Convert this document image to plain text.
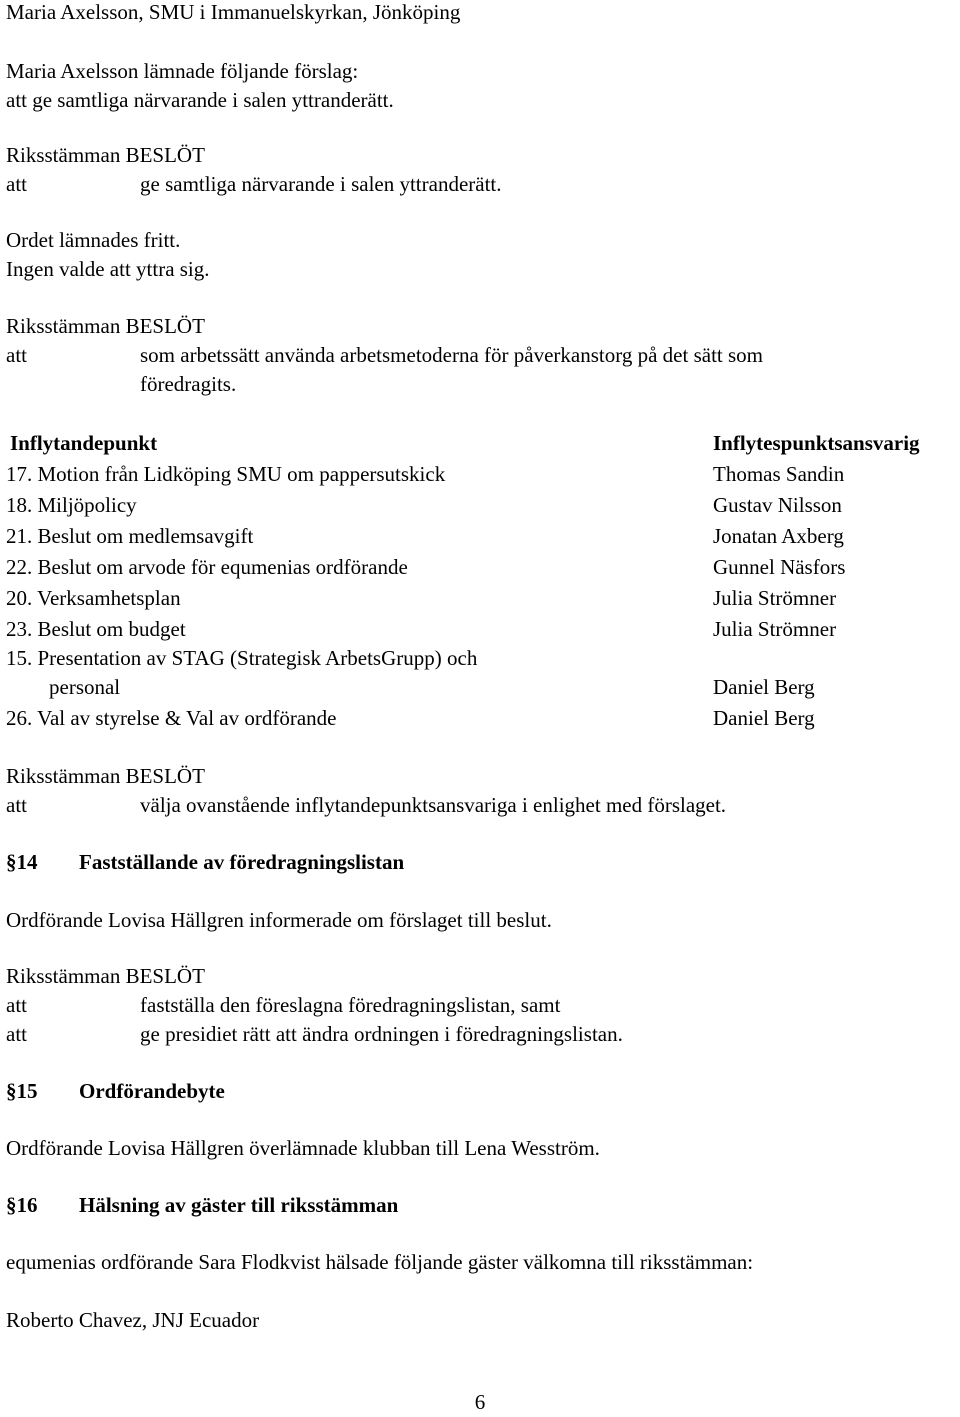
Maria Axelsson, SMU i Immanuelskyrkan, Jönköping
Maria Axelsson lämnade följande förslag:
att ge samtliga närvarande i salen yttranderätt.
Riksstämman BESLÖT
att	ge samtliga närvarande i salen yttranderätt.
Ordet lämnades fritt.
Ingen valde att yttra sig.
Riksstämman BESLÖT
att	som arbetssätt använda arbetsmetoderna för påverkanstorg på det sätt som
föredragits.
Inflytandepunkt	Inflytespunktsansvarig
17. Motion från Lidköping SMU om pappersutskick	Thomas Sandin
18. Miljöpolicy	Gustav Nilsson
21. Beslut om medlemsavgift	Jonatan Axberg
22. Beslut om arvode för equmenias ordförande	Gunnel Näsfors
20. Verksamhetsplan	Julia Strömner
23. Beslut om budget	Julia Strömner
15. Presentation av STAG (Strategisk ArbetsGrupp) och
personal	Daniel Berg
26. Val av styrelse & Val av ordförande	Daniel Berg
Riksstämman BESLÖT
att	välja ovanstående inflytandepunktsansvariga i enlighet med förslaget.
§14 Fastställande av föredragningslistan
Ordförande Lovisa Hällgren informerade om förslaget till beslut.
Riksstämman BESLÖT
att	fastställa den föreslagna föredragningslistan, samt
att	ge presidiet rätt att ändra ordningen i föredragningslistan.
§15 Ordförandebyte
Ordförande Lovisa Hällgren överlämnade klubban till Lena Wesström.
§16 Hälsning av gäster till riksstämman
equmenias ordförande Sara Flodkvist hälsade följande gäster välkomna till riksstämman:
Roberto Chavez, JNJ Ecuador
6
